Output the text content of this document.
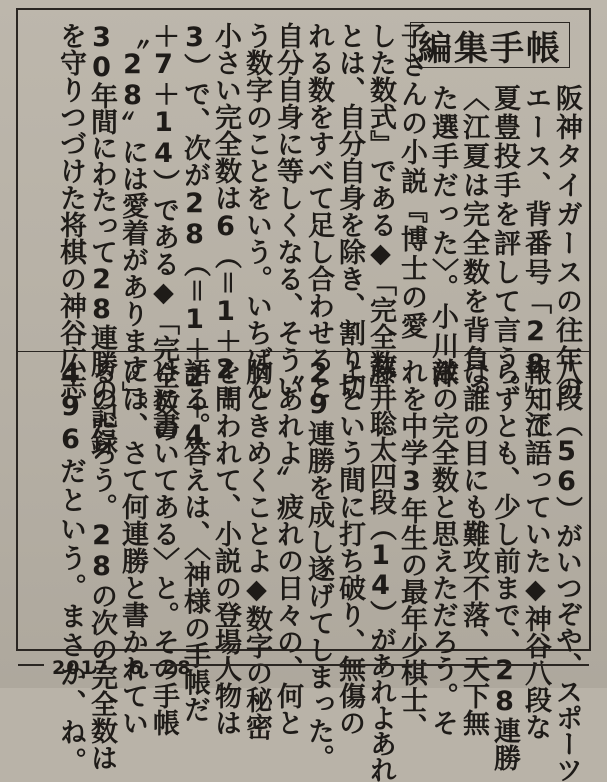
編集手帳
阪神タイガースの往年の
エース、背番号「28」江
夏豊投手を評して言う。
〈江夏は完全数を背負っ
た選手だった〉。小川洋
子さんの小説『博士の愛
した数式』である◆「完全数」
とは、自分自身を除き、割り切
れる数をすべて足し合わせると
自分自身に等しくなる、そうい
う数字のことをいう。いちばん
小さい完全数は6（＝1＋2＋
3）で、次が28（＝1＋2＋4
＋7＋14）である◆「完全数の
〝28〟には愛着があります」。
30年間にわたって28連勝の記録
を守りつづけた将棋の神谷広志
八段（56）がいつぞや、スポーツ
報知で語っていた◆神谷八段な
らずとも、少し前まで、28連勝
は誰の目にも難攻不落、天下無
敵の完全数と思えただろう。そ
れを中学3年生の最年少棋士、
藤井聡太四段（14）があれよあれ
よという間に打ち破り、無傷の
29連勝を成し遂げてしまった。
〝あれよ〟疲れの日々の、何と
胸ときめくことよ◆数字の秘密
を問われて、小説の登場人物は
語る。答えは、〈神様の手帳だ
けに書いてある〉と。その手帳
には、さて何連勝と書かれてい
るのだろう。28の次の完全数は
496だという。まさか、ね。
2017．6．28
